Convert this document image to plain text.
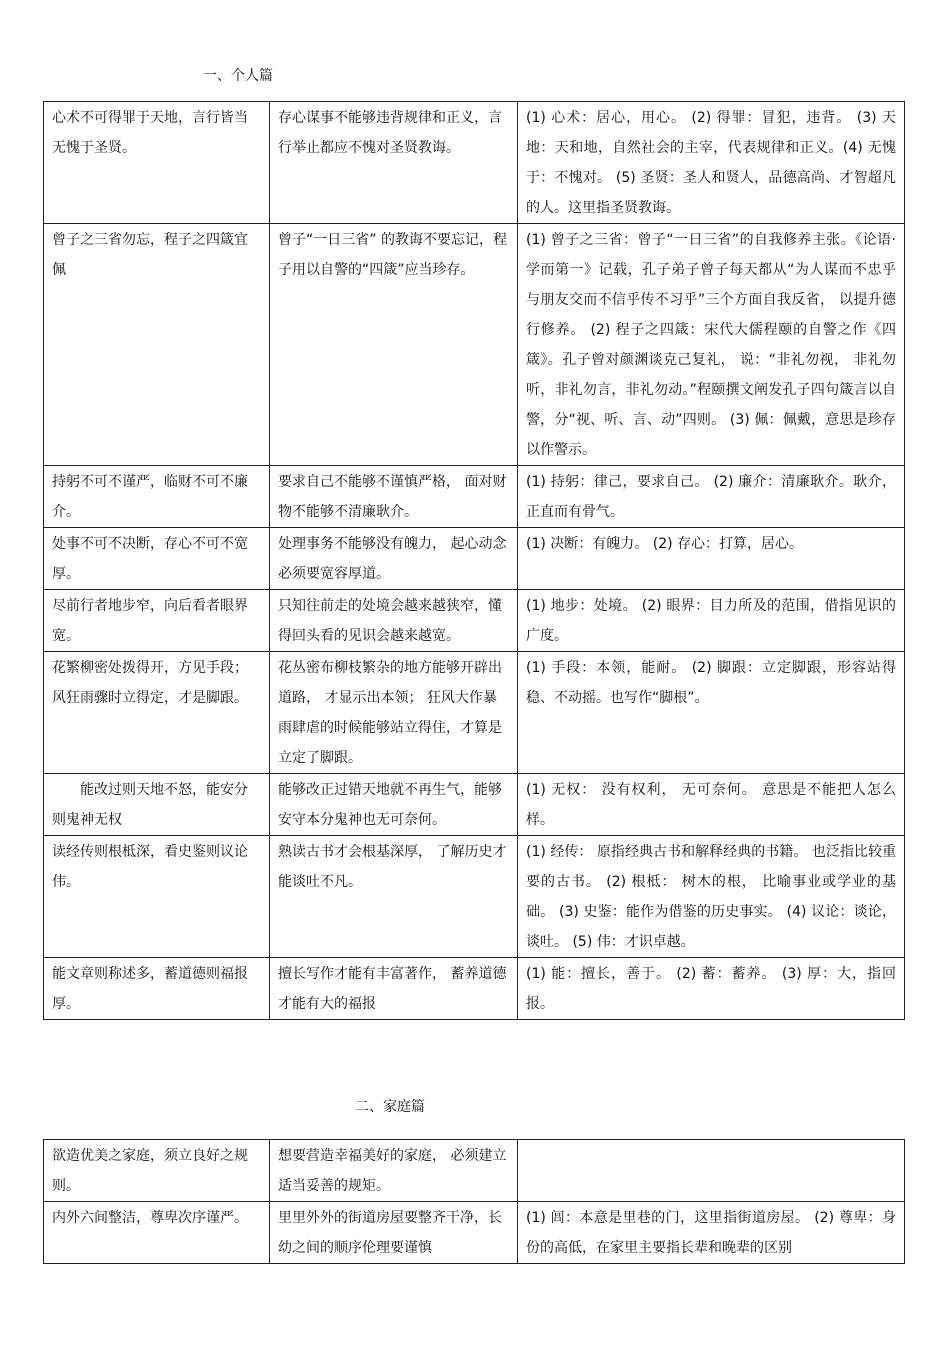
一、个人篇
心术不可得罪于天地，言行皆当无愧于圣贤。	存心谋事不能够违背规律和正义，言行举止都应不愧对圣贤教诲。	(1) 心术：居心，用心。 (2) 得罪：冒犯，违背。 (3) 天地：天和地，自然社会的主宰，代表规律和正义。(4) 无愧于：不愧对。 (5) 圣贤：圣人和贤人，品德高尚、才智超凡的人。这里指圣贤教诲。
曾子之三省勿忘，程子之四箴宜佩	曾子“一日三省” 的教诲不要忘记，程子用以自警的“四箴”应当珍存。	(1) 曾子之三省：曾子“一日三省”的自我修养主张。《论语· 学而第一》记载，孔子弟子曾子每天都从“为人谋而不忠乎与朋友交而不信乎传不习乎”三个方面自我反省， 以提升德行修养。 (2) 程子之四箴：宋代大儒程颐的自警之作《四箴》。孔子曾对颜渊谈克己复礼， 说：“非礼勿视， 非礼勿听，非礼勿言，非礼勿动。”程颐撰文阐发孔子四句箴言以自警，分“视、听、言、动”四则。 (3) 佩：佩戴，意思是珍存以作警示。
持躬不可不谨严，临财不可不廉介。	要求自己不能够不谨慎严格， 面对财物不能够不清廉耿介。	(1) 持躬：律己，要求自己。 (2) 廉介：清廉耿介。耿介，正直而有骨气。
处事不可不决断，存心不可不宽厚。	处理事务不能够没有魄力， 起心动念必须要宽容厚道。	(1) 决断：有魄力。 (2) 存心：打算，居心。
尽前行者地步窄，向后看者眼界宽。	只知往前走的处境会越来越狭窄，懂得回头看的见识会越来越宽。	(1) 地步：处境。 (2) 眼界：目力所及的范围，借指见识的广度。
花繁柳密处拨得开，方见手段；风狂雨骤时立得定，才是脚跟。	花丛密布柳枝繁杂的地方能够开辟出道路， 才显示出本领； 狂风大作暴雨肆虐的时候能够站立得住，才算是立定了脚跟。	(1) 手段：本领，能耐。 (2) 脚跟：立定脚跟，形容站得稳、不动摇。也写作“脚根”。
能改过则天地不怒，能安分则鬼神无权	能够改正过错天地就不再生气，能够安守本分鬼神也无可奈何。	(1) 无权： 没有权利， 无可奈何。 意思是不能把人怎么样。
读经传则根柢深，看史鉴则议论伟。	熟读古书才会根基深厚， 了解历史才能谈吐不凡。	(1) 经传： 原指经典古书和解释经典的书籍。 也泛指比较重要的古书。 (2) 根柢： 树木的根， 比喻事业或学业的基础。 (3) 史鉴：能作为借鉴的历史事实。 (4) 议论：谈论，谈吐。 (5) 伟：才识卓越。
能文章则称述多，蓄道德则福报厚。	擅长写作才能有丰富著作， 蓄养道德才能有大的福报	(1) 能：擅长，善于。 (2) 蓄：蓄养。 (3) 厚：大，指回报。
二、家庭篇
欲造优美之家庭，须立良好之规则。	想要营造幸福美好的家庭， 必须建立适当妥善的规矩。	
内外六间整洁，尊卑次序谨严。	里里外外的街道房屋要整齐干净，长幼之间的顺序伦理要谨慎	(1) 闾：本意是里巷的门，这里指街道房屋。 (2) 尊卑：身份的高低，在家里主要指长辈和晚辈的区别
